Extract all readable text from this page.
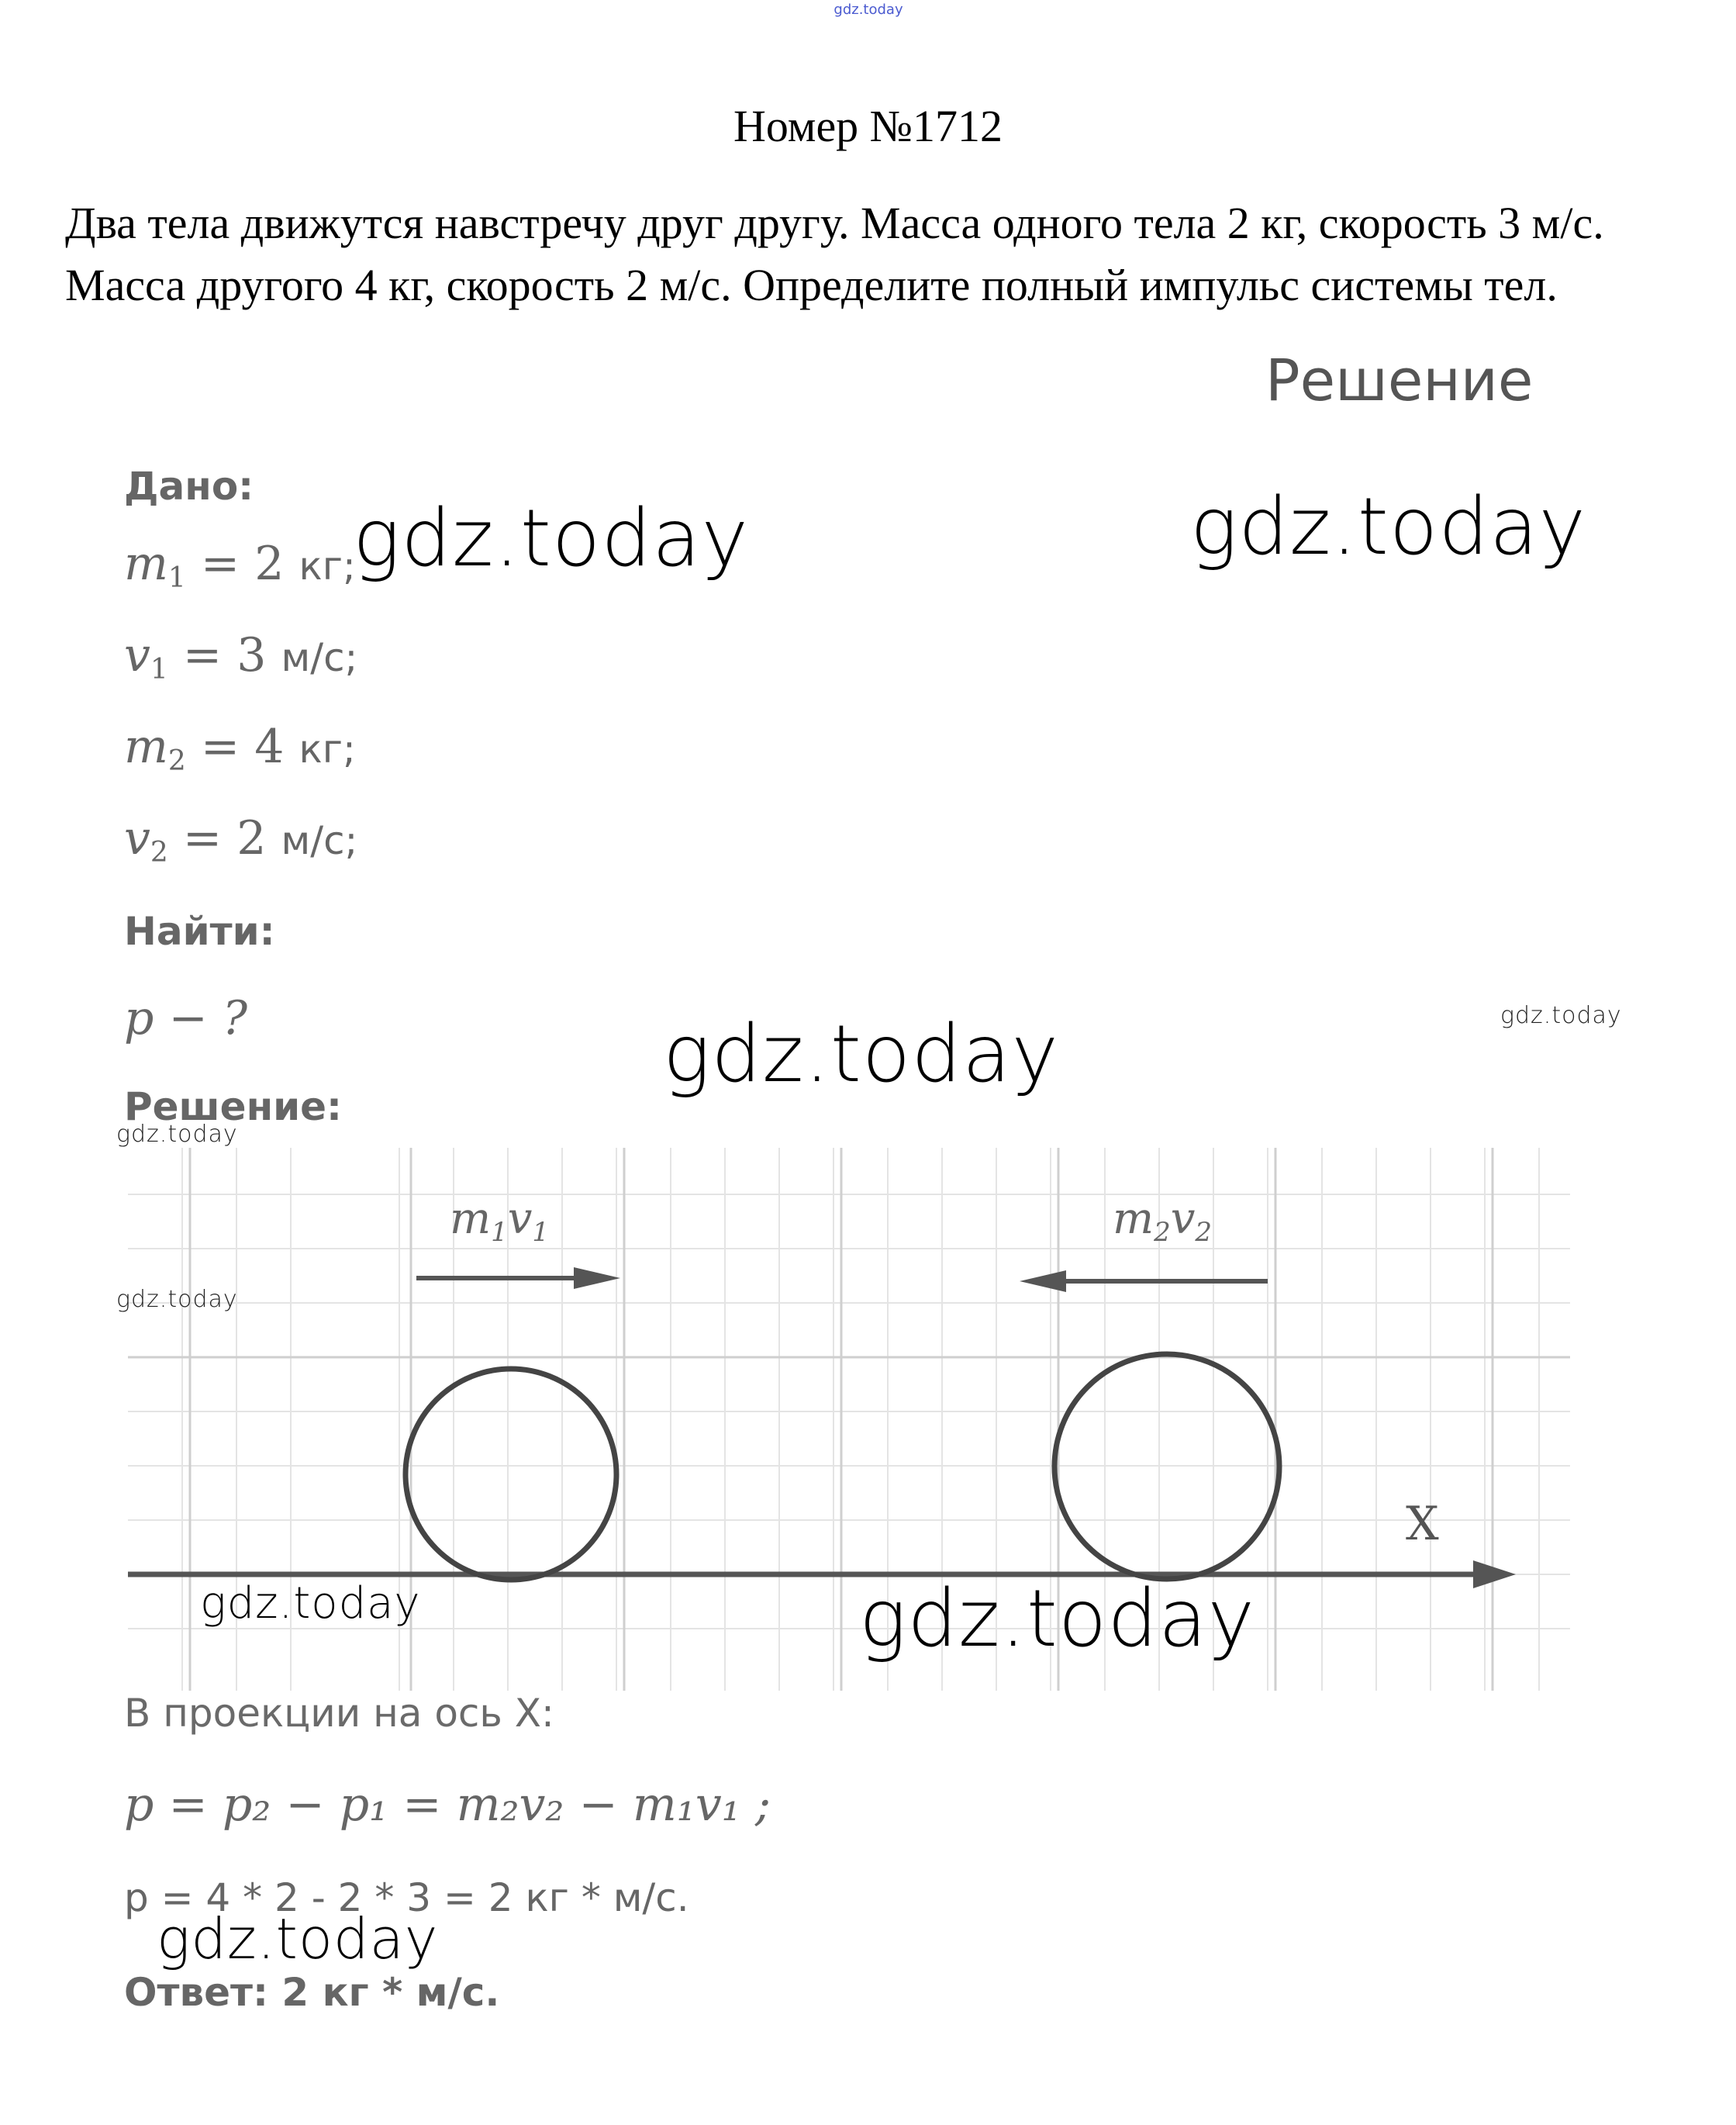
gdz.today
Номер №1712

Два тела движутся навстречу друг другу. Масса одного тела 2 кг, скорость 3 м/с.

Масса другого 4 кг, скорость 2 м/с. Определите полный импульс системы тел.

Решение
Дано:
$m_1 = 2$ кг;
$v_1 = 3$ м/с;
$m_2 = 4$ кг;
$v_2 = 2$ м/с;
Найти:
p − ?
Решение:
X
m1v1	m2v2
В проекции на ось X:
p = p₂ − p₁ = m₂v₂ − m₁v₁ ;
p = 4 * 2 - 2 * 3 = 2 кг * м/с.
Ответ: 2 кг * м/с.
gdz.today	gdz.today
gdz.today
gdz.today
gdz.today
gdz.today
gdz.today
gdz.today
gdz.today
